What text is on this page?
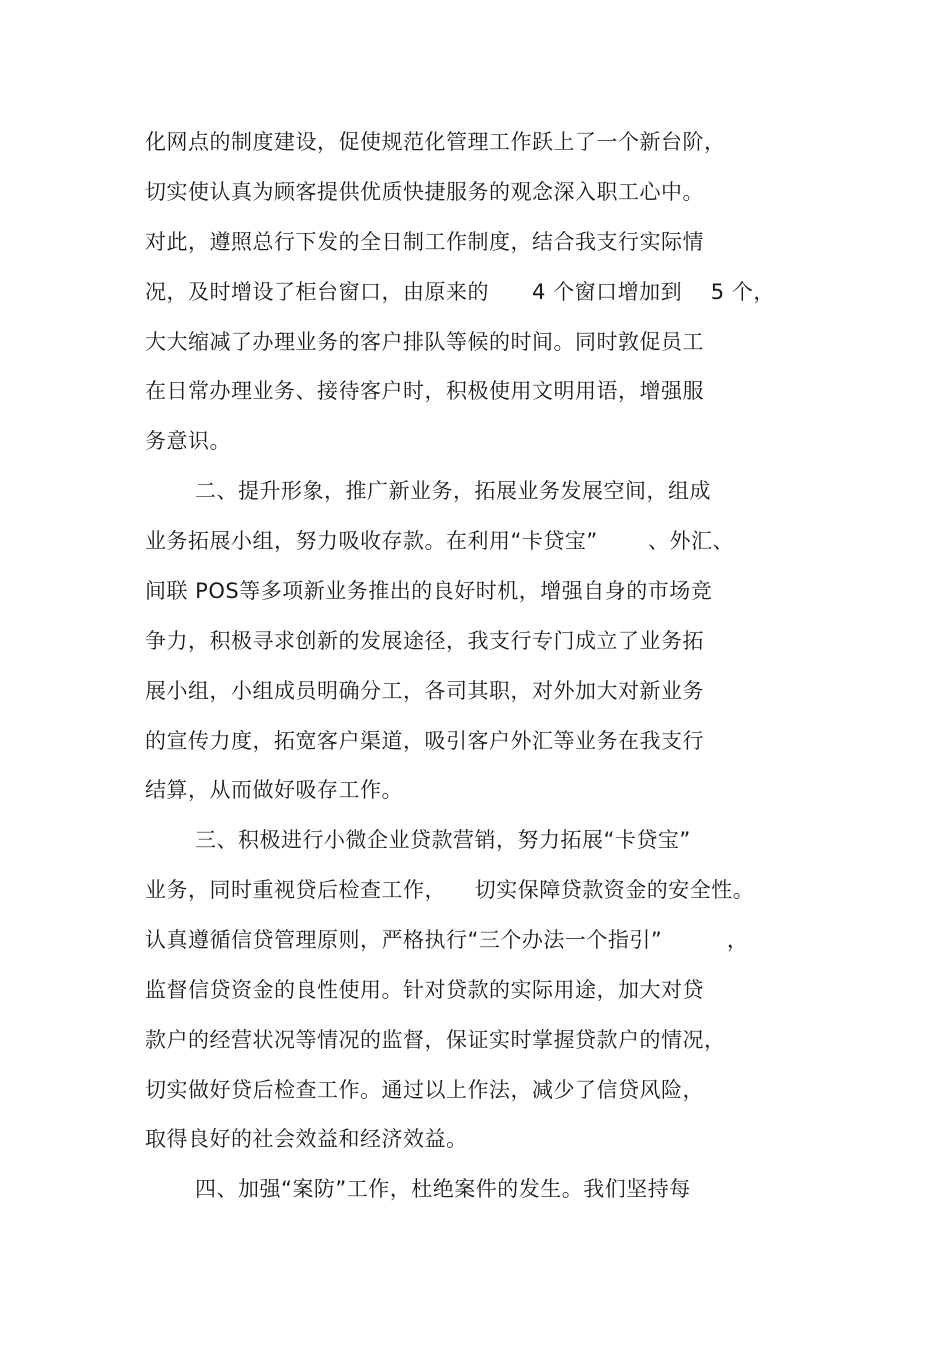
化网点的制度建设，促使规范化管理工作跃上了一个新台阶，
切实使认真为顾客提供优质快捷服务的观念深入职工心中。
对此，遵照总行下发的全日制工作制度，结合我支行实际情
况，及时增设了柜台窗口，由原来的      4 个窗口增加到    5 个，
大大缩减了办理业务的客户排队等候的时间。同时敦促员工
在日常办理业务、接待客户时，积极使用文明用语，增强服
务意识。
二、提升形象，推广新业务，拓展业务发展空间，组成
业务拓展小组，努力吸收存款。在利用“卡贷宝”       、外汇、
间联 POS等多项新业务推出的良好时机，增强自身的市场竞
争力，积极寻求创新的发展途径，我支行专门成立了业务拓
展小组，小组成员明确分工，各司其职，对外加大对新业务
的宣传力度，拓宽客户渠道，吸引客户外汇等业务在我支行
结算，从而做好吸存工作。
三、积极进行小微企业贷款营销，努力拓展“卡贷宝”
业务，同时重视贷后检查工作，    切实保障贷款资金的安全性。
认真遵循信贷管理原则，严格执行“三个办法一个指引”         ，
监督信贷资金的良性使用。针对贷款的实际用途，加大对贷
款户的经营状况等情况的监督，保证实时掌握贷款户的情况，
切实做好贷后检查工作。通过以上作法，减少了信贷风险，
取得良好的社会效益和经济效益。
四、加强“案防”工作，杜绝案件的发生。我们坚持每
